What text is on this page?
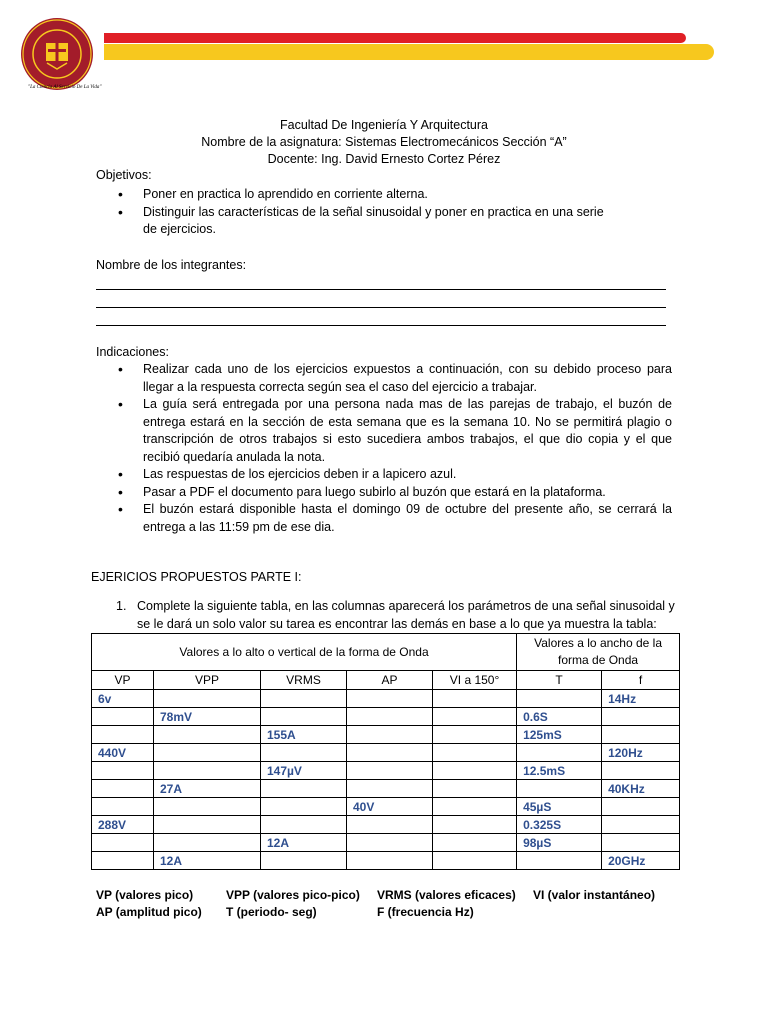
"La Ciencia Al Servicio De La Vida"
Facultad De Ingeniería Y Arquitectura
Nombre de la asignatura: Sistemas Electromecánicos Sección “A”
Docente: Ing. David Ernesto Cortez Pérez
Objetivos:
• Poner en practica lo aprendido en corriente alterna.
• Distinguir las características de la señal sinusoidal y poner en practica en una serie de ejercicios.
Nombre de los integrantes:
Indicaciones:
• Realizar cada uno de los ejercicios expuestos a continuación, con su debido proceso para llegar a la respuesta correcta según sea el caso del ejercicio a trabajar.
• La guía será entregada por una persona nada mas de las parejas de trabajo, el buzón de entrega estará en la sección de esta semana que es la semana 10. No se permitirá plagio o transcripción de otros trabajos si esto sucediera ambos trabajos, el que dio copia y el que recibió quedaría anulada la nota.
• Las respuestas de los ejercicios deben ir a lapicero azul.
• Pasar a PDF el documento para luego subirlo al buzón que estará en la plataforma.
• El buzón estará disponible hasta el domingo 09 de octubre del presente año, se cerrará la entrega a las 11:59 pm de ese dia.
EJERICIOS PROPUESTOS PARTE I:
1. Complete la siguiente tabla, en las columnas aparecerá los parámetros de una señal sinusoidal y se le dará un solo valor su tarea es encontrar las demás en base a lo que ya muestra la tabla:
Valores a lo alto o vertical de la forma de Onda					Valores a lo ancho de la forma de Onda	
VP	VPP	VRMS	AP	VI a 150°	T	f
6v						14Hz
	78mV				0.6S	
		155A			125mS	
440V						120Hz
		147µV			12.5mS	
	27A					40KHz
			40V		45µS	
288V					0.325S	
		12A			98µS	
	12A					20GHz
VP (valores pico)	VPP (valores pico-pico) VRMS (valores eficaces) VI (valor instantáneo)
AP (amplitud pico) T (periodo- seg)	F (frecuencia Hz)
